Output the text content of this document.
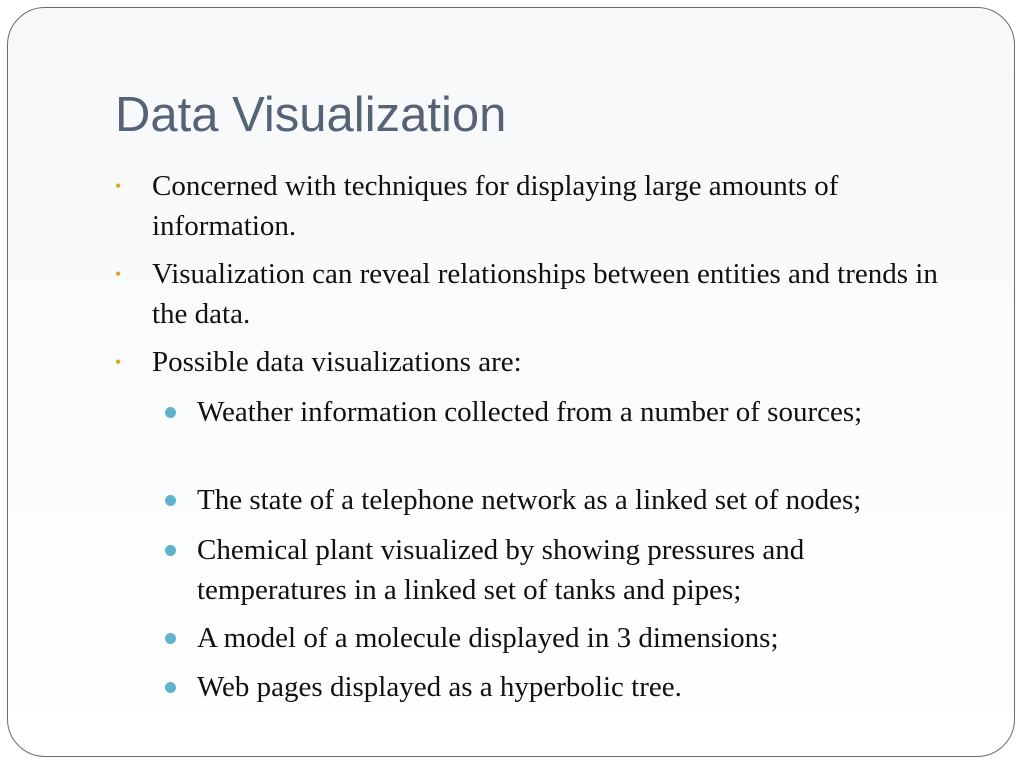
Data Visualization
• Concerned with techniques for displaying large amounts of information.
• Visualization can reveal relationships between entities and trends in the data.
• Possible data visualizations are:
Weather information collected from a number of sources;
The state of a telephone network as a linked set of nodes;
Chemical plant visualized by showing pressures and temperatures in a linked set of tanks and pipes;
A model of a molecule displayed in 3 dimensions;
Web pages displayed as a hyperbolic tree.
